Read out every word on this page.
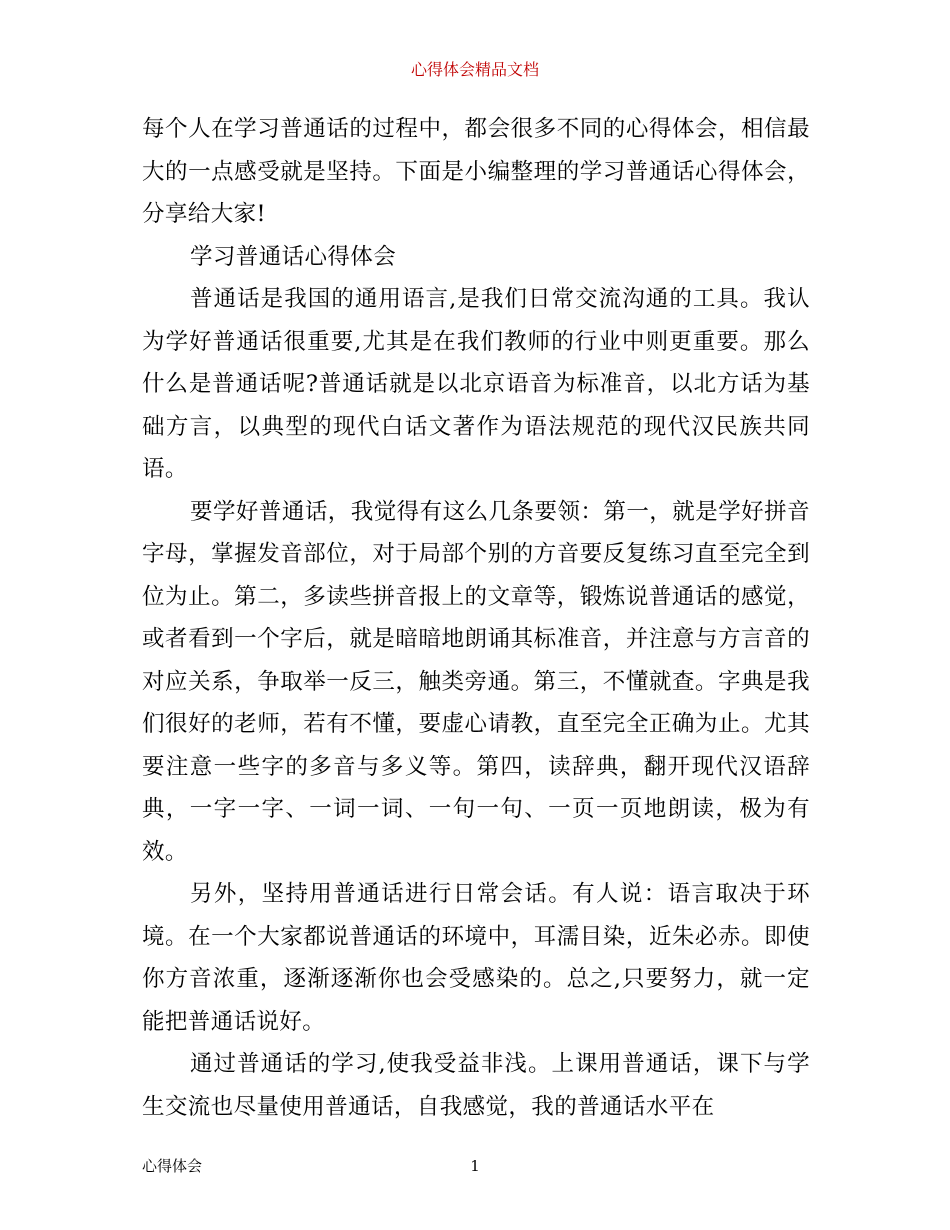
心得体会精品文档

每个人在学习普通话的过程中，都会很多不同的心得体会，相信最大的一点感受就是坚持。下面是小编整理的学习普通话心得体会，分享给大家!

学习普通话心得体会

普通话是我国的通用语言,是我们日常交流沟通的工具。我认为学好普通话很重要,尤其是在我们教师的行业中则更重要。那么什么是普通话呢?普通话就是以北京语音为标准音，以北方话为基础方言，以典型的现代白话文著作为语法规范的现代汉民族共同语。

要学好普通话，我觉得有这么几条要领：第一，就是学好拼音字母，掌握发音部位，对于局部个别的方音要反复练习直至完全到位为止。第二，多读些拼音报上的文章等，锻炼说普通话的感觉，或者看到一个字后，就是暗暗地朗诵其标准音，并注意与方言音的对应关系，争取举一反三，触类旁通。第三，不懂就查。字典是我们很好的老师，若有不懂，要虚心请教，直至完全正确为止。尤其要注意一些字的多音与多义等。第四，读辞典，翻开现代汉语辞典，一字一字、一词一词、一句一句、一页一页地朗读，极为有效。

另外，坚持用普通话进行日常会话。有人说：语言取决于环境。在一个大家都说普通话的环境中，耳濡目染，近朱必赤。即使你方音浓重，逐渐逐渐你也会受感染的。总之,只要努力，就一定能把普通话说好。

通过普通话的学习,使我受益非浅。上课用普通话，课下与学生交流也尽量使用普通话，自我感觉，我的普通话水平在

心得体会	1
